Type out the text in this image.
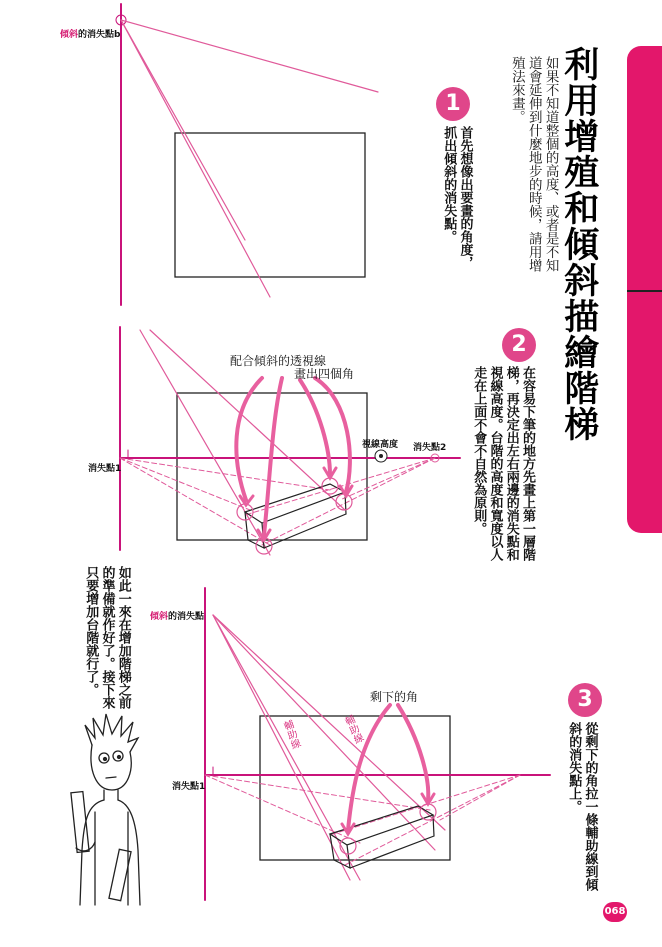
利用增殖和傾斜描繪階梯
如果不知道整個的高度、或者是不知道會延伸到什麼地步的時候，請用增殖法來畫。
1
首先想像出要畫的角度，抓出傾斜的消失點。
2
在容易下筆的地方先畫上第一層階梯，再決定出左右兩邊的消失點和視線高度。台階的高度和寬度以人走在上面不會不自然為原則。
3
從剩下的角拉一條輔助線到傾斜的消失點上。
如此一來在增加階梯之前的準備就作好了。接下來只要增加台階就行了。
傾斜的消失點b
消失點1
消失點2
視線高度
配合傾斜的透視線
畫出四個角
傾斜的消失點
消失點1
剩下的角
輔助線	輔助線
068
